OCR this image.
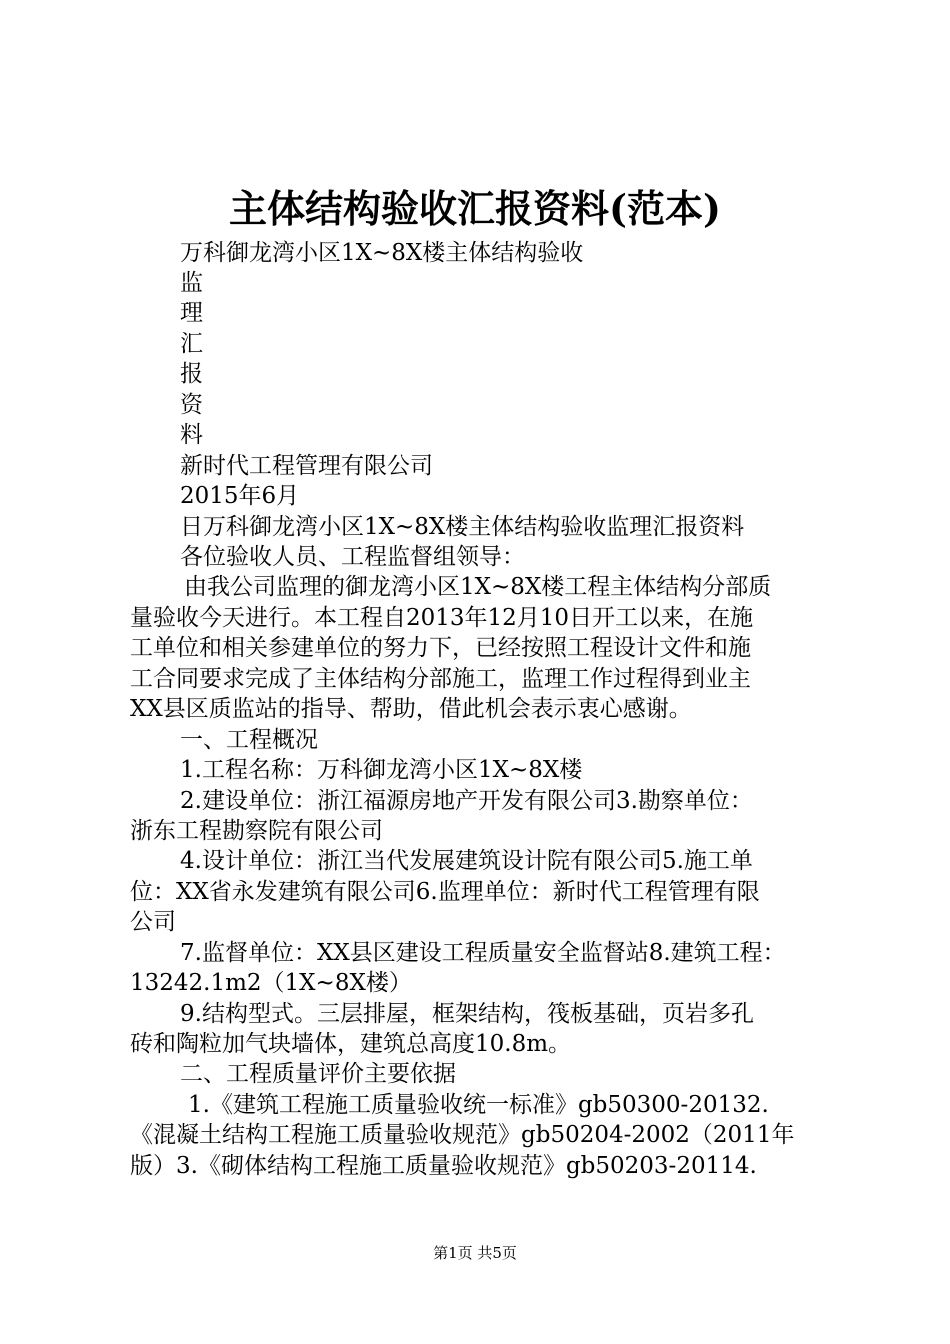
主体结构验收汇报资料(范本)

万科御龙湾小区1X~8X楼主体结构验收

监

理

汇

报

资

料

新时代工程管理有限公司

2015年6月

日万科御龙湾小区1X~8X楼主体结构验收监理汇报资料

各位验收人员、工程监督组领导：

由我公司监理的御龙湾小区1X~8X楼工程主体结构分部质

量验收今天进行。本工程自2013年12月10日开工以来，在施

工单位和相关参建单位的努力下，已经按照工程设计文件和施

工合同要求完成了主体结构分部施工，监理工作过程得到业主

XX县区质监站的指导、帮助，借此机会表示衷心感谢。

一、工程概况

1.工程名称：万科御龙湾小区1X~8X楼

2.建设单位：浙江福源房地产开发有限公司3.勘察单位：

浙东工程勘察院有限公司

4.设计单位：浙江当代发展建筑设计院有限公司5.施工单

位：XX省永发建筑有限公司6.监理单位：新时代工程管理有限

公司

7.监督单位：XX县区建设工程质量安全监督站8.建筑工程：

13242.1m2（1X~8X楼）

9.结构型式。三层排屋，框架结构，筏板基础，页岩多孔

砖和陶粒加气块墙体，建筑总高度10.8m。

二、工程质量评价主要依据

1.《建筑工程施工质量验收统一标准》gb50300-20132.

《混凝土结构工程施工质量验收规范》gb50204-2002（2011年

版）3.《砌体结构工程施工质量验收规范》gb50203-20114.

第1页 共5页
